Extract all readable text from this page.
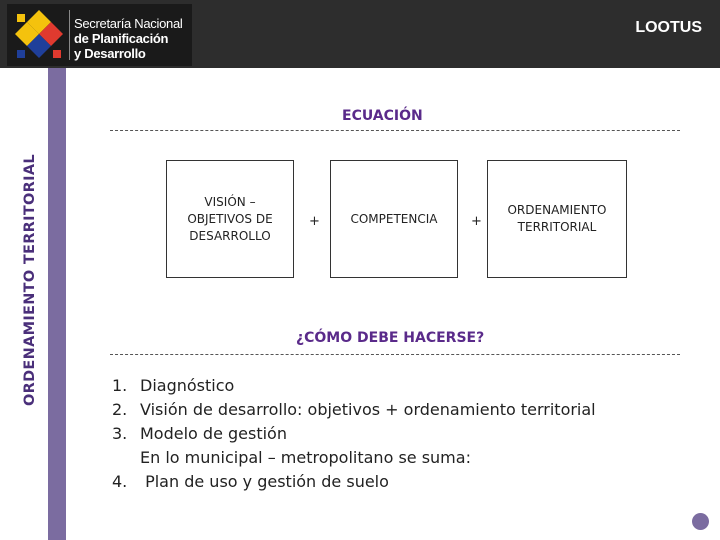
Secretaría Nacional
de Planificación
y Desarrollo
LOOTUS
ORDENAMIENTO TERRITORIAL
ECUACIÓN
VISIÓN – OBJETIVOS DE DESARROLLO
+	COMPETENCIA	+
ORDENAMIENTO TERRITORIAL
¿CÓMO DEBE HACERSE?
1. Diagnóstico
2. Visión de desarrollo: objetivos + ordenamiento territorial
3. Modelo de gestión
En lo municipal – metropolitano se suma:
4. Plan de uso y gestión de suelo
